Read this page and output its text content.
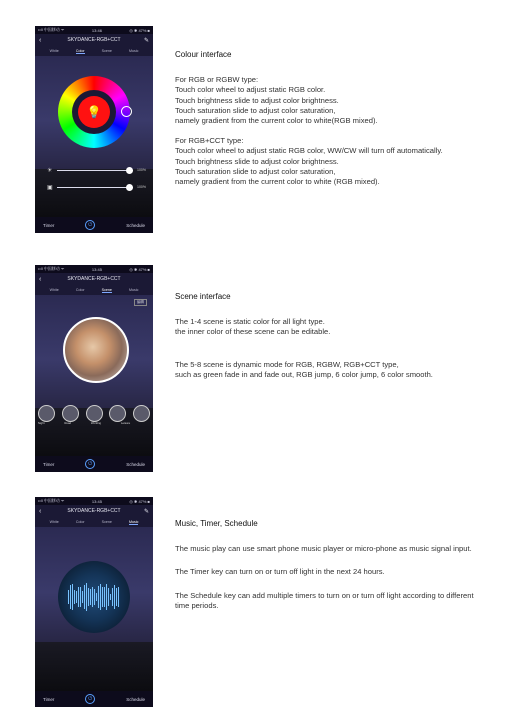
••ll 中国移动 ᯤ	13:46	◎ ✱ 47% ■
‹	SKYDANCE-RGB+CCT	✎
White	Color	Scene	Music
💡
☀	100%
▣	100%
Timer	⏻	Schedule
••ll 中国移动 ᯤ	13:45	◎ ✱ 47% ■
‹	SKYDANCE-RGB+CCT
White	Color	Scene	Music
编辑
Night	Read	Working	Leisure
Timer	⏻	Schedule
••ll 中国移动 ᯤ	13:45	◎ ✱ 47% ■
‹	SKYDANCE-RGB+CCT	✎
White	Color	Scene	Music
Timer	⏻	Schedule
Colour interface
For RGB or RGBW type:
Touch color wheel to adjust static RGB color.
Touch brightness slide to adjust color brightness.
Touch saturation slide to adjust color saturation,
namely gradient from the current color to white(RGB mixed).
For RGB+CCT type:
Touch color wheel to adjust static RGB color, WW/CW will turn off automatically.
Touch brightness slide to adjust color brightness.
Touch saturation slide to adjust color saturation,
namely gradient from the current color to white (RGB mixed).
Scene interface
The 1-4 scene is static color for all light type.
the inner color of these scene can be editable.
The 5-8 scene is dynamic mode for RGB, RGBW, RGB+CCT type,
such as green fade in and fade out, RGB jump, 6 color jump, 6 color smooth.
Music, Timer, Schedule
The music play can use smart phone music player or micro-phone as music signal input.
The Timer key can turn on or turn off light in the next 24 hours.
The Schedule key can add multiple timers to turn on or turn off light according to different
time periods.
